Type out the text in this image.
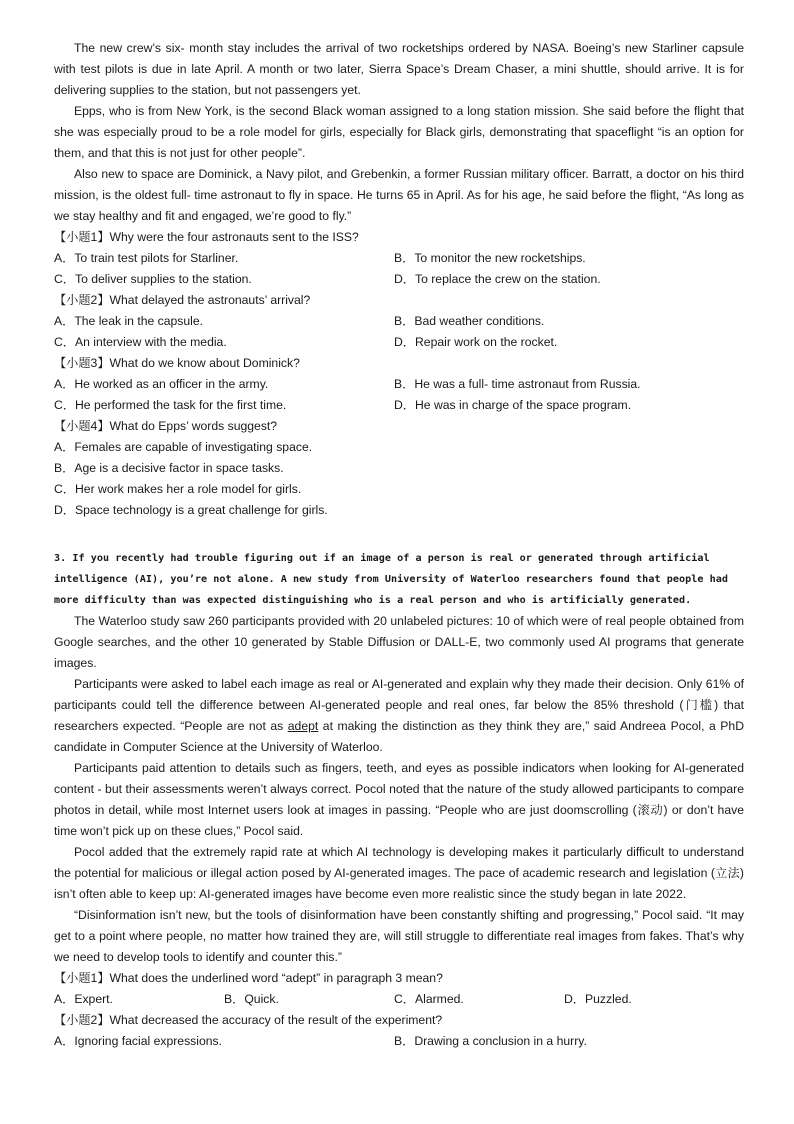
The new crew’s six- month stay includes the arrival of two rocketships ordered by NASA. Boeing’s new Starliner capsule with test pilots is due in late April. A month or two later, Sierra Space’s Dream Chaser, a mini shuttle, should arrive. It is for delivering supplies to the station, but not passengers yet.

Epps, who is from New York, is the second Black woman assigned to a long station mission. She said before the flight that she was especially proud to be a role model for girls, especially for Black girls, demonstrating that spaceflight “is an option for them, and that this is not just for other people”.

Also new to space are Dominick, a Navy pilot, and Grebenkin, a former Russian military officer. Barratt, a doctor on his third mission, is the oldest full- time astronaut to fly in space. He turns 65 in April. As for his age, he said before the flight, “As long as we stay healthy and fit and engaged, we’re good to fly.”

【小题1】Why were the four astronauts sent to the ISS?

A．To train test pilots for Starliner.	B．To monitor the new rocketships.
C．To deliver supplies to the station.	D．To replace the crew on the station.

【小题2】What delayed the astronauts’ arrival?

A．The leak in the capsule.	B．Bad weather conditions.
C．An interview with the media.	D．Repair work on the rocket.

【小题3】What do we know about Dominick?

A．He worked as an officer in the army.	B．He was a full- time astronaut from Russia.
C．He performed the task for the first time.	D．He was in charge of the space program.

【小题4】What do Epps’ words suggest?

A．Females are capable of investigating space.

B．Age is a decisive factor in space tasks.

C．Her work makes her a role model for girls.

D．Space technology is a great challenge for girls.

3. If you recently had trouble figuring out if an image of a person is real or generated through artificial

intelligence (AI), you’re not alone. A new study from University of Waterloo researchers found that people had

more difficulty than was expected distinguishing who is a real person and who is artificially generated.

The Waterloo study saw 260 participants provided with 20 unlabeled pictures: 10 of which were of real people obtained from Google searches, and the other 10 generated by Stable Diffusion or DALL-E, two commonly used AI programs that generate images.

Participants were asked to label each image as real or AI-generated and explain why they made their decision. Only 61% of participants could tell the difference between AI-generated people and real ones, far below the 85% threshold (门槛) that researchers expected. “People are not as adept at making the distinction as they think they are,” said Andreea Pocol, a PhD candidate in Computer Science at the University of Waterloo.

Participants paid attention to details such as fingers, teeth, and eyes as possible indicators when looking for AI-generated content - but their assessments weren’t always correct. Pocol noted that the nature of the study allowed participants to compare photos in detail, while most Internet users look at images in passing. “People who are just doomscrolling (滚动) or don’t have time won’t pick up on these clues,” Pocol said.

Pocol added that the extremely rapid rate at which AI technology is developing makes it particularly difficult to understand the potential for malicious or illegal action posed by AI-generated images. The pace of academic research and legislation (立法) isn’t often able to keep up: AI-generated images have become even more realistic since the study began in late 2022.

“Disinformation isn’t new, but the tools of disinformation have been constantly shifting and progressing,” Pocol said. “It may get to a point where people, no matter how trained they are, will still struggle to differentiate real images from fakes. That’s why we need to develop tools to identify and counter this.”

【小题1】What does the underlined word “adept” in paragraph 3 mean?

A．Expert.	B．Quick.	C．Alarmed.	D．Puzzled.

【小题2】What decreased the accuracy of the result of the experiment?

A．Ignoring facial expressions.	B．Drawing a conclusion in a hurry.
